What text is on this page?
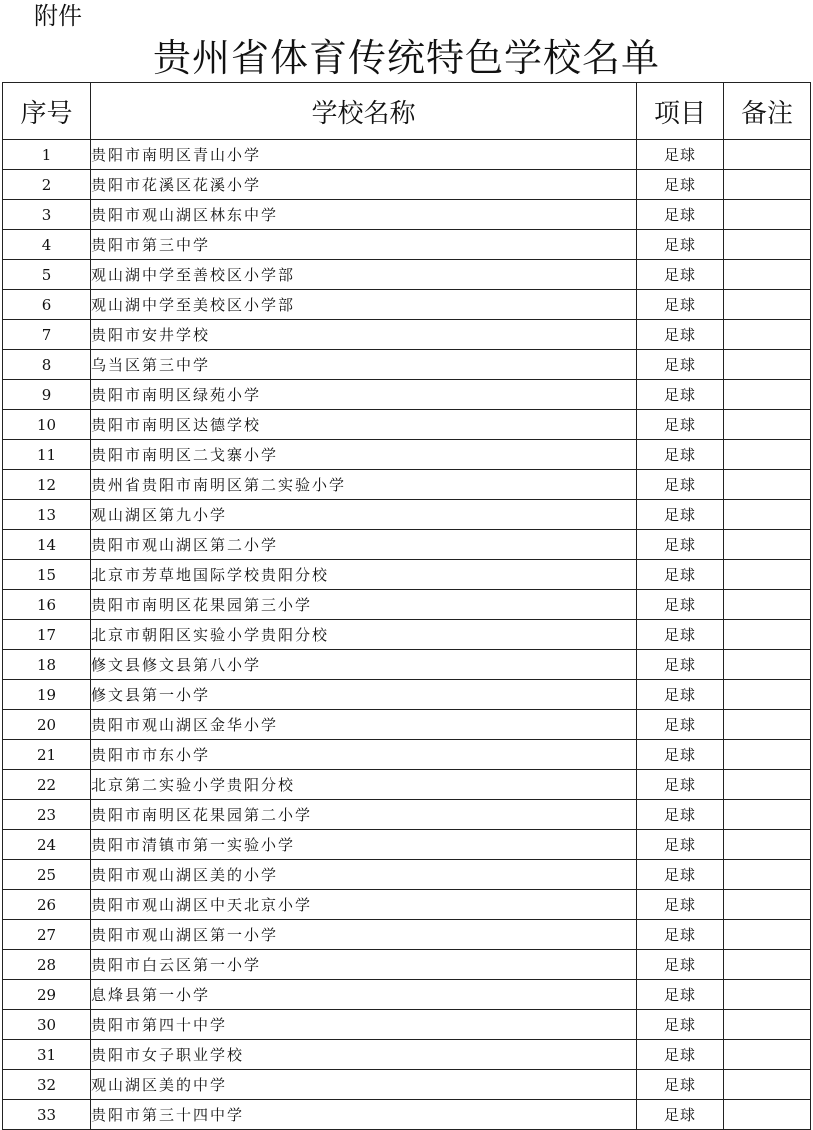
附件
贵州省体育传统特色学校名单
序号	学校名称	项目	备注
1	贵阳市南明区青山小学	足球	
2	贵阳市花溪区花溪小学	足球	
3	贵阳市观山湖区林东中学	足球	
4	贵阳市第三中学	足球	
5	观山湖中学至善校区小学部	足球	
6	观山湖中学至美校区小学部	足球	
7	贵阳市安井学校	足球	
8	乌当区第三中学	足球	
9	贵阳市南明区绿苑小学	足球	
10	贵阳市南明区达德学校	足球	
11	贵阳市南明区二戈寨小学	足球	
12	贵州省贵阳市南明区第二实验小学	足球	
13	观山湖区第九小学	足球	
14	贵阳市观山湖区第二小学	足球	
15	北京市芳草地国际学校贵阳分校	足球	
16	贵阳市南明区花果园第三小学	足球	
17	北京市朝阳区实验小学贵阳分校	足球	
18	修文县修文县第八小学	足球	
19	修文县第一小学	足球	
20	贵阳市观山湖区金华小学	足球	
21	贵阳市市东小学	足球	
22	北京第二实验小学贵阳分校	足球	
23	贵阳市南明区花果园第二小学	足球	
24	贵阳市清镇市第一实验小学	足球	
25	贵阳市观山湖区美的小学	足球	
26	贵阳市观山湖区中天北京小学	足球	
27	贵阳市观山湖区第一小学	足球	
28	贵阳市白云区第一小学	足球	
29	息烽县第一小学	足球	
30	贵阳市第四十中学	足球	
31	贵阳市女子职业学校	足球	
32	观山湖区美的中学	足球	
33	贵阳市第三十四中学	足球	
